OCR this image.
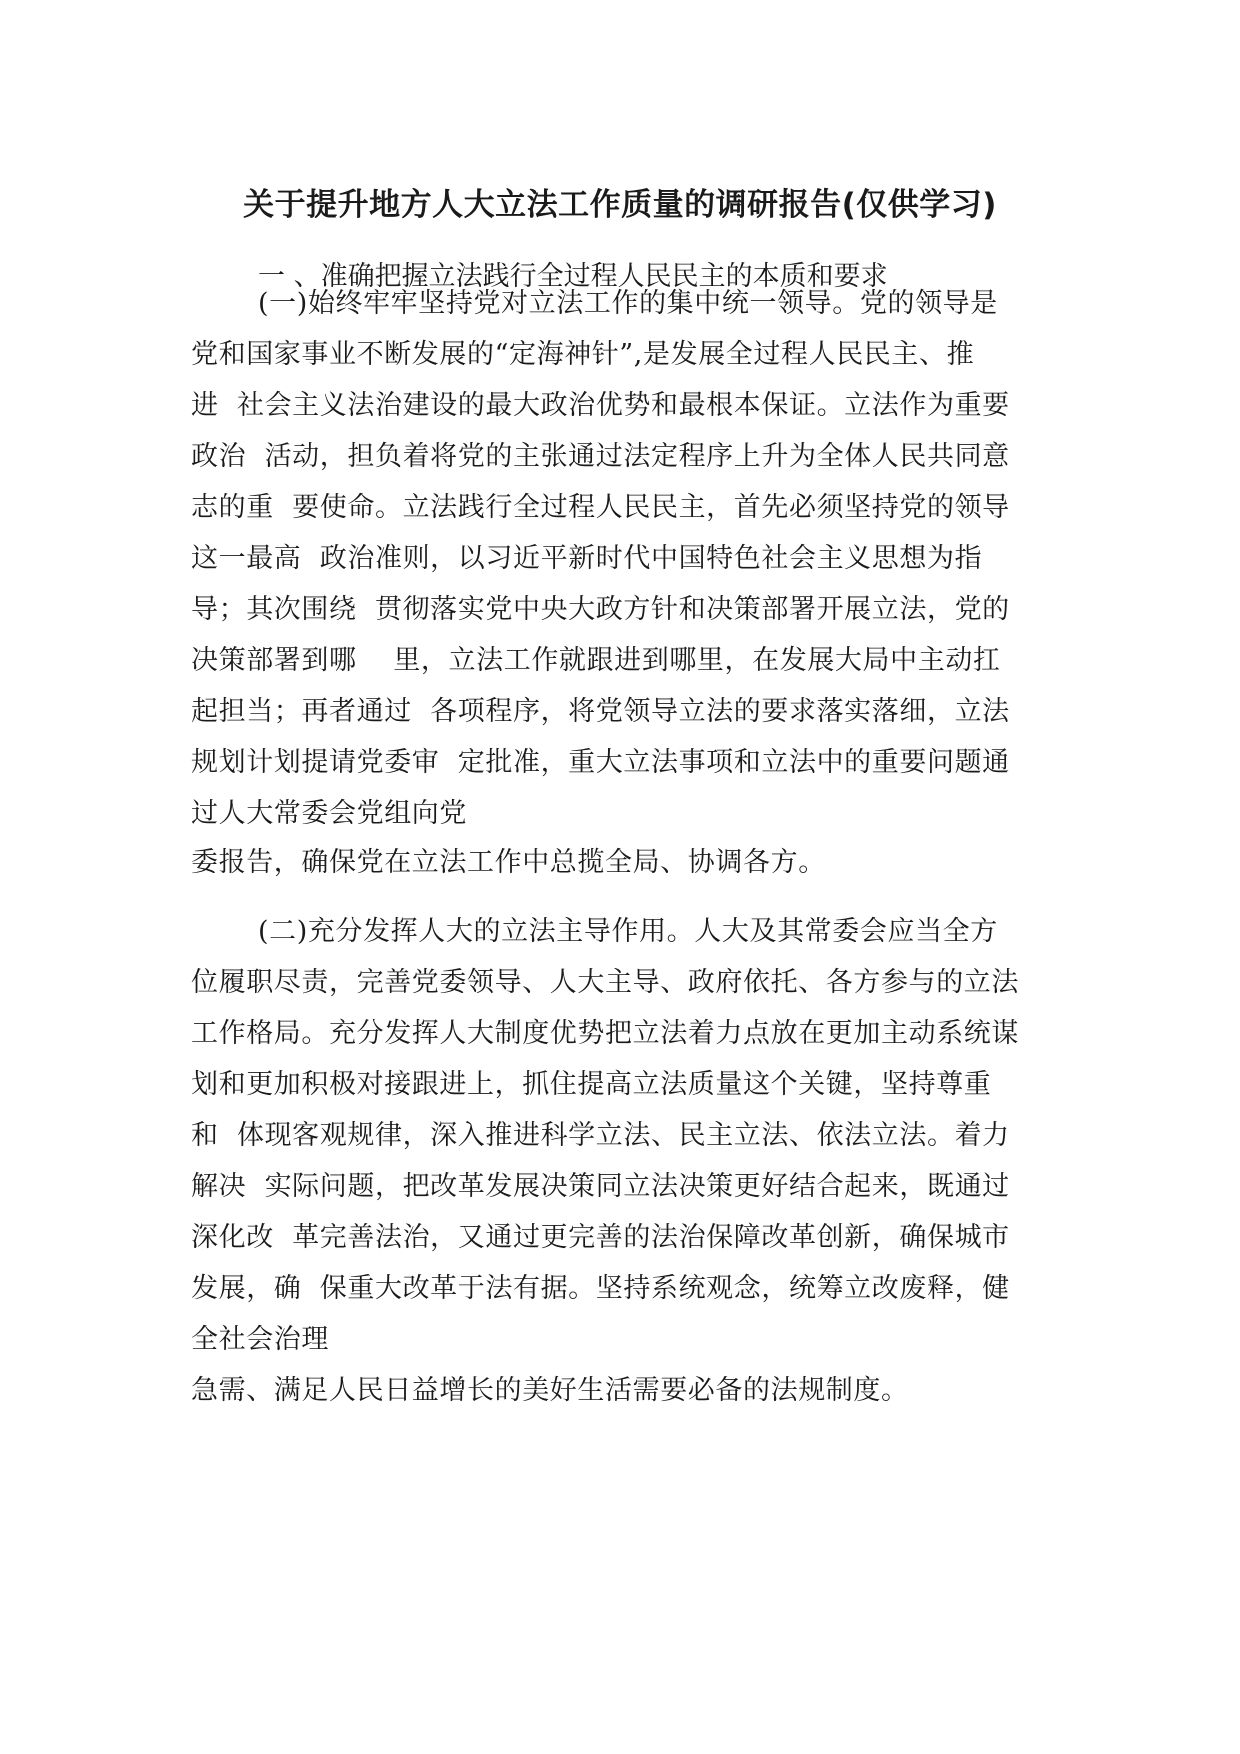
关于提升地方人大立法工作质量的调研报告(仅供学习)

一 、准确把握立法践行全过程人民民主的本质和要求

(一)始终牢牢坚持党对立法工作的集中统一领导。党的领导是

党和国家事业不断发展的“定海神针”,是发展全过程人民民主、推

进  社会主义法治建设的最大政治优势和最根本保证。立法作为重要

政治  活动，担负着将党的主张通过法定程序上升为全体人民共同意

志的重  要使命。立法践行全过程人民民主，首先必须坚持党的领导

这一最高  政治准则，以习近平新时代中国特色社会主义思想为指

导；其次围绕  贯彻落实党中央大政方针和决策部署开展立法，党的

决策部署到哪    里，立法工作就跟进到哪里，在发展大局中主动扛

起担当；再者通过  各项程序，将党领导立法的要求落实落细，立法

规划计划提请党委审  定批准，重大立法事项和立法中的重要问题通

过人大常委会党组向党

委报告，确保党在立法工作中总揽全局、协调各方。

(二)充分发挥人大的立法主导作用。人大及其常委会应当全方

位履职尽责，完善党委领导、人大主导、政府依托、各方参与的立法

工作格局。充分发挥人大制度优势把立法着力点放在更加主动系统谋

划和更加积极对接跟进上，抓住提高立法质量这个关键，坚持尊重

和  体现客观规律，深入推进科学立法、民主立法、依法立法。着力

解决  实际问题，把改革发展决策同立法决策更好结合起来，既通过

深化改  革完善法治，又通过更完善的法治保障改革创新，确保城市

发展，确  保重大改革于法有据。坚持系统观念，统筹立改废释，健

全社会治理

急需、满足人民日益增长的美好生活需要必备的法规制度。
